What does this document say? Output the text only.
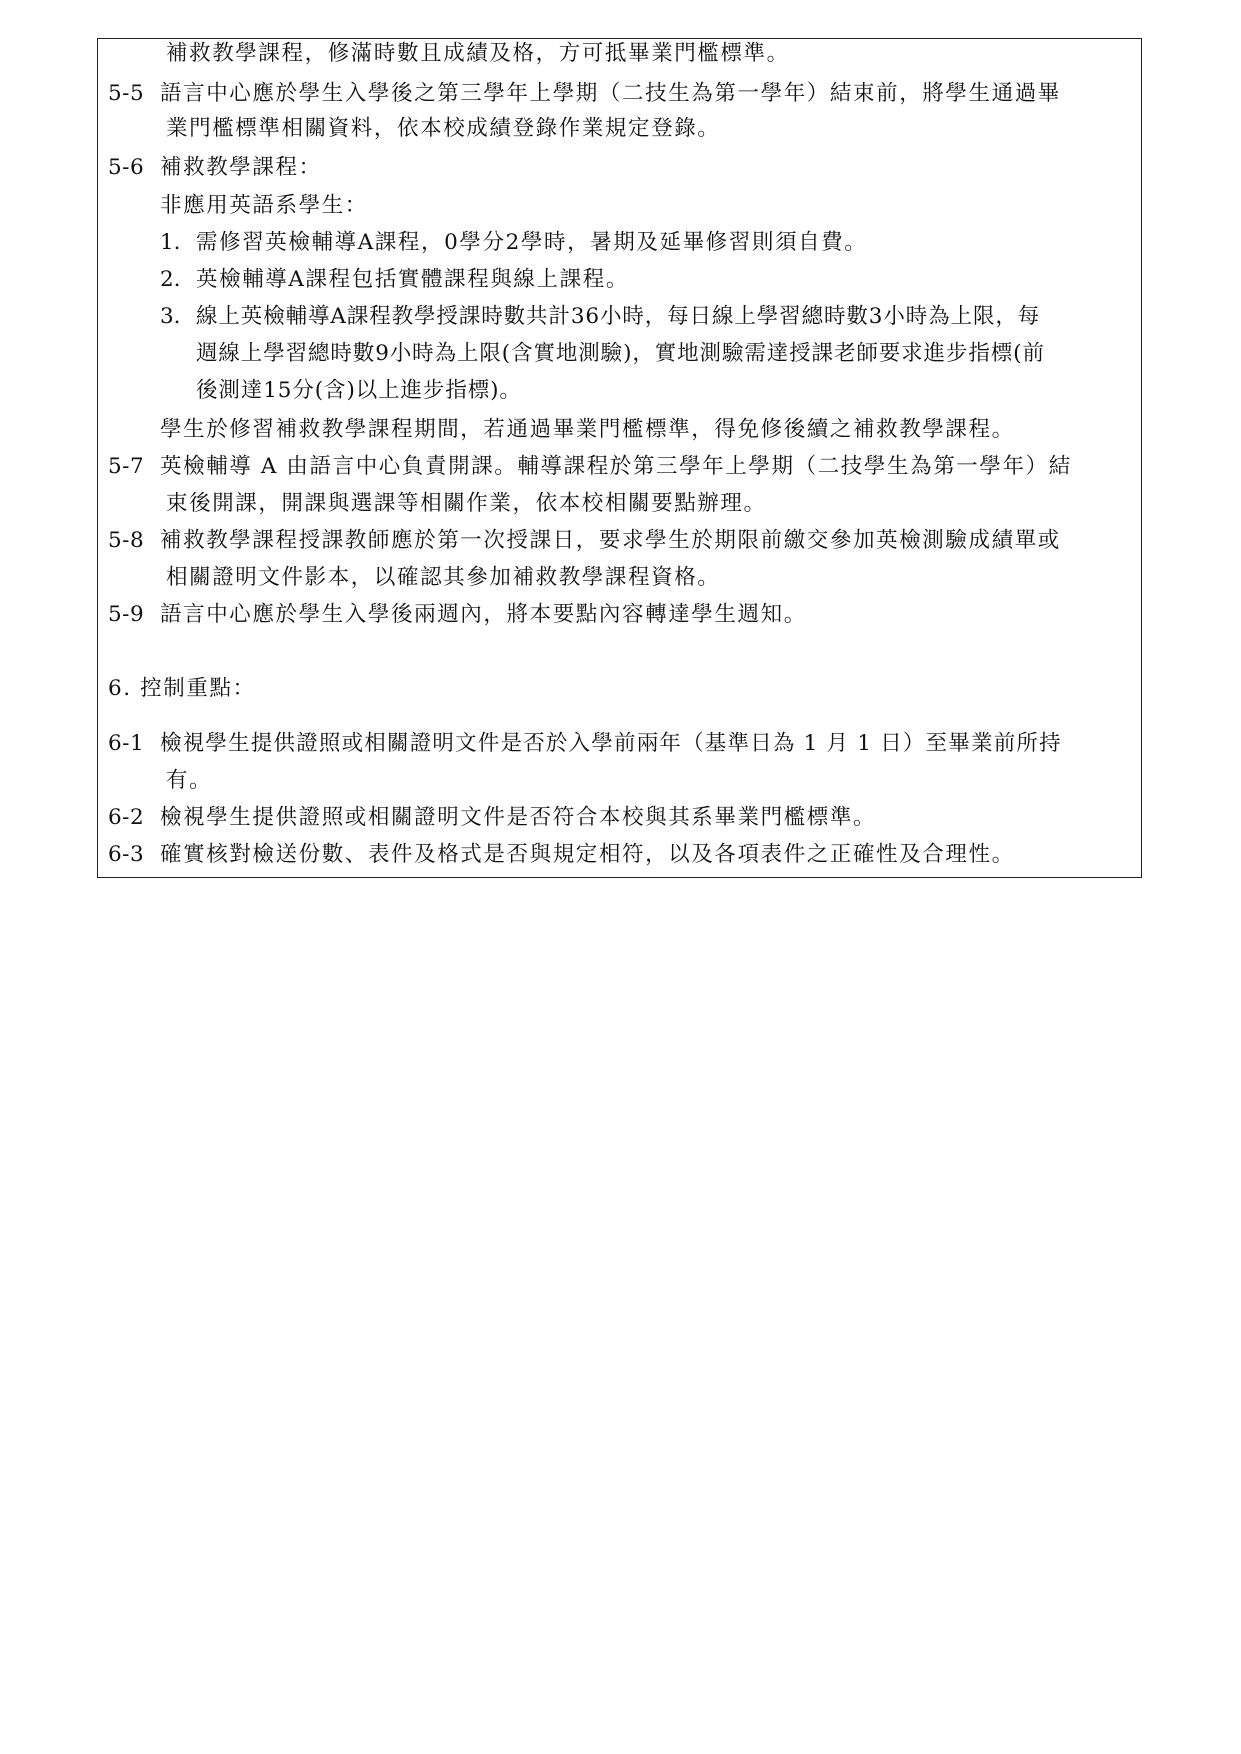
補救教學課程，修滿時數且成績及格，方可抵畢業門檻標準。
5-5 語言中心應於學生入學後之第三學年上學期（二技生為第一學年）結束前，將學生通過畢
業門檻標準相關資料，依本校成績登錄作業規定登錄。
5-6 補救教學課程：
非應用英語系學生：
1. 需修習英檢輔導A課程，0學分2學時，暑期及延畢修習則須自費。
2. 英檢輔導A課程包括實體課程與線上課程。
3. 線上英檢輔導A課程教學授課時數共計36小時，每日線上學習總時數3小時為上限，每
週線上學習總時數9小時為上限(含實地測驗)，實地測驗需達授課老師要求進步指標(前
後測達15分(含)以上進步指標)。
學生於修習補救教學課程期間，若通過畢業門檻標準，得免修後續之補救教學課程。
5-7 英檢輔導 A 由語言中心負責開課。輔導課程於第三學年上學期（二技學生為第一學年）結
束後開課，開課與選課等相關作業，依本校相關要點辦理。
5-8 補救教學課程授課教師應於第一次授課日，要求學生於期限前繳交參加英檢測驗成績單或
相關證明文件影本，以確認其參加補救教學課程資格。
5-9 語言中心應於學生入學後兩週內，將本要點內容轉達學生週知。
6. 控制重點：
6-1 檢視學生提供證照或相關證明文件是否於入學前兩年（基準日為 1 月 1 日）至畢業前所持
有。
6-2 檢視學生提供證照或相關證明文件是否符合本校與其系畢業門檻標準。
6-3 確實核對檢送份數、表件及格式是否與規定相符，以及各項表件之正確性及合理性。
